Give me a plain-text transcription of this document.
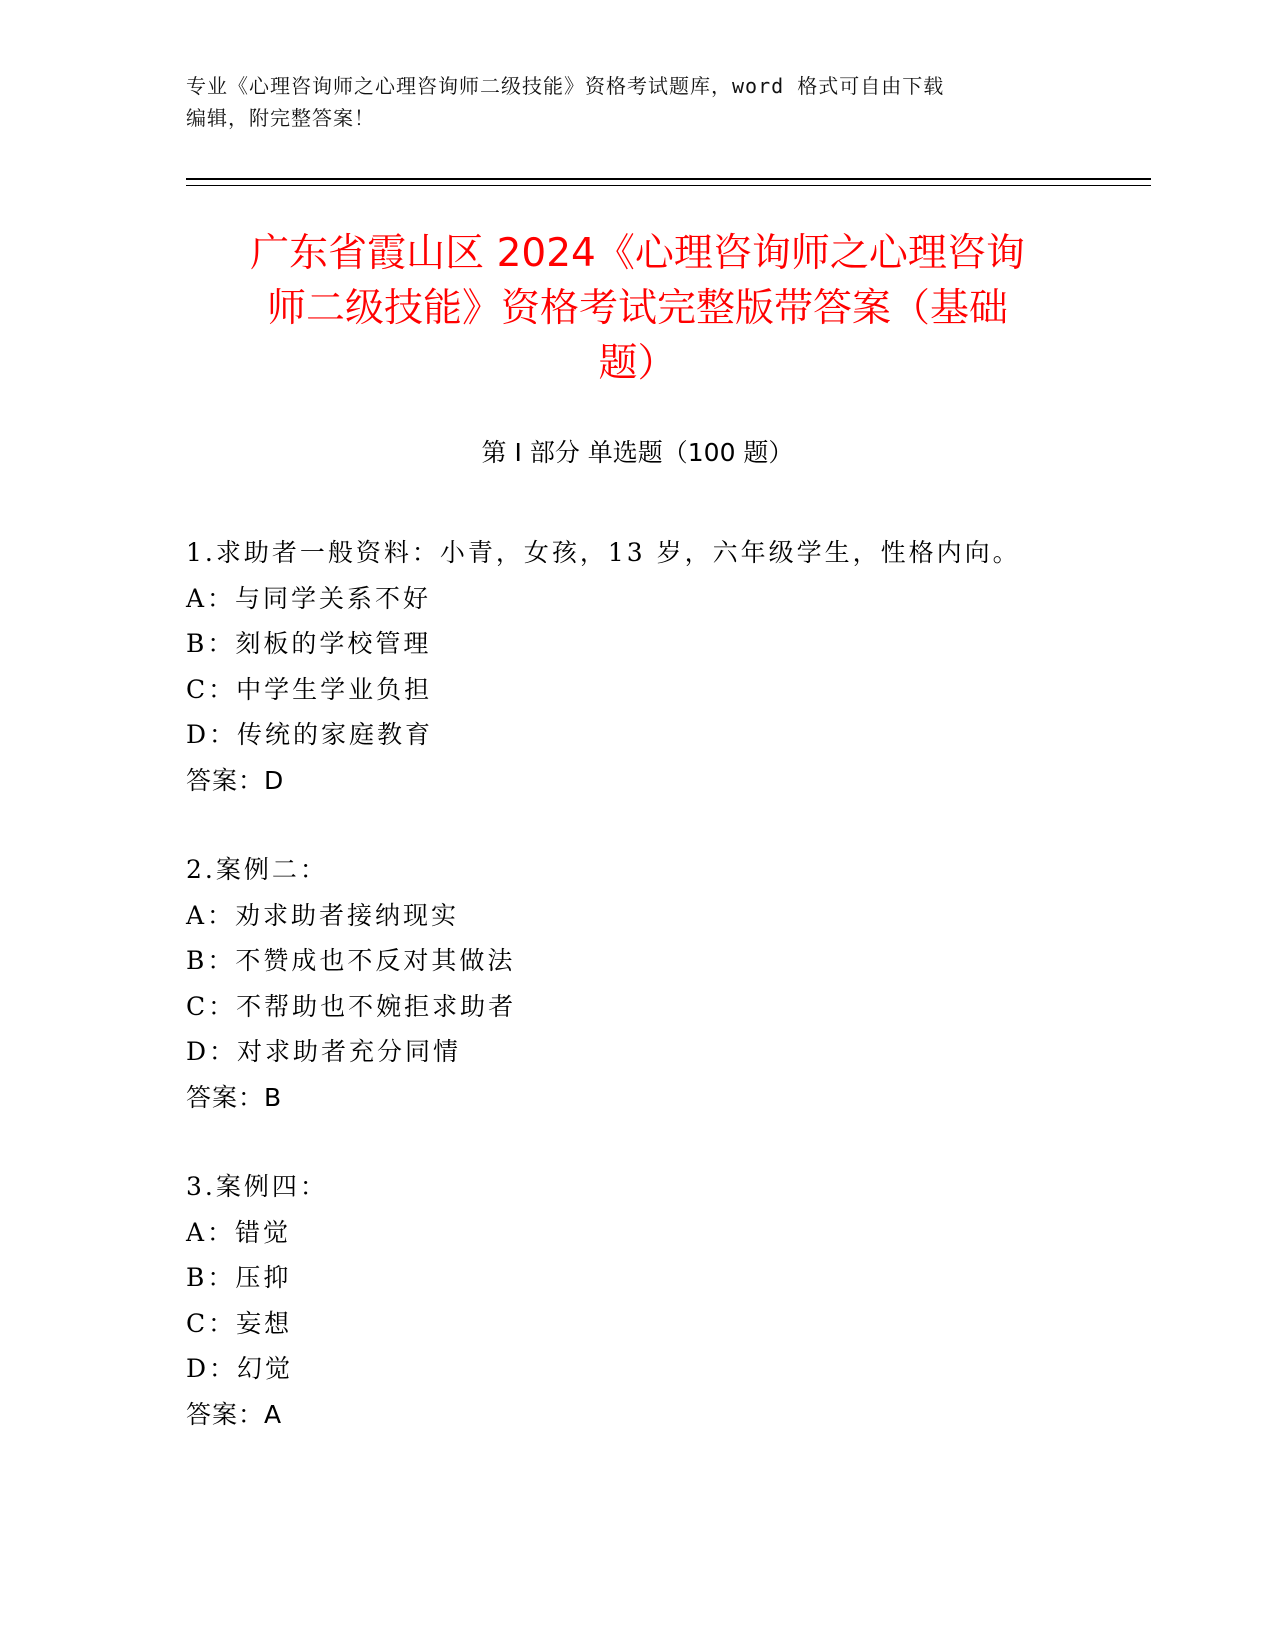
专业《心理咨询师之心理咨询师二级技能》资格考试题库，word 格式可自由下载
编辑，附完整答案！
广东省霞山区 2024《心理咨询师之心理咨询
师二级技能》资格考试完整版带答案（基础
题）
第 I 部分 单选题（100 题）
1.求助者一般资料：小青，女孩，13 岁，六年级学生，性格内向。
A：与同学关系不好
B：刻板的学校管理
C：中学生学业负担
D：传统的家庭教育
答案：D
2.案例二：
A：劝求助者接纳现实
B：不赞成也不反对其做法
C：不帮助也不婉拒求助者
D：对求助者充分同情
答案：B
3.案例四：
A：错觉
B：压抑
C：妄想
D：幻觉
答案：A
